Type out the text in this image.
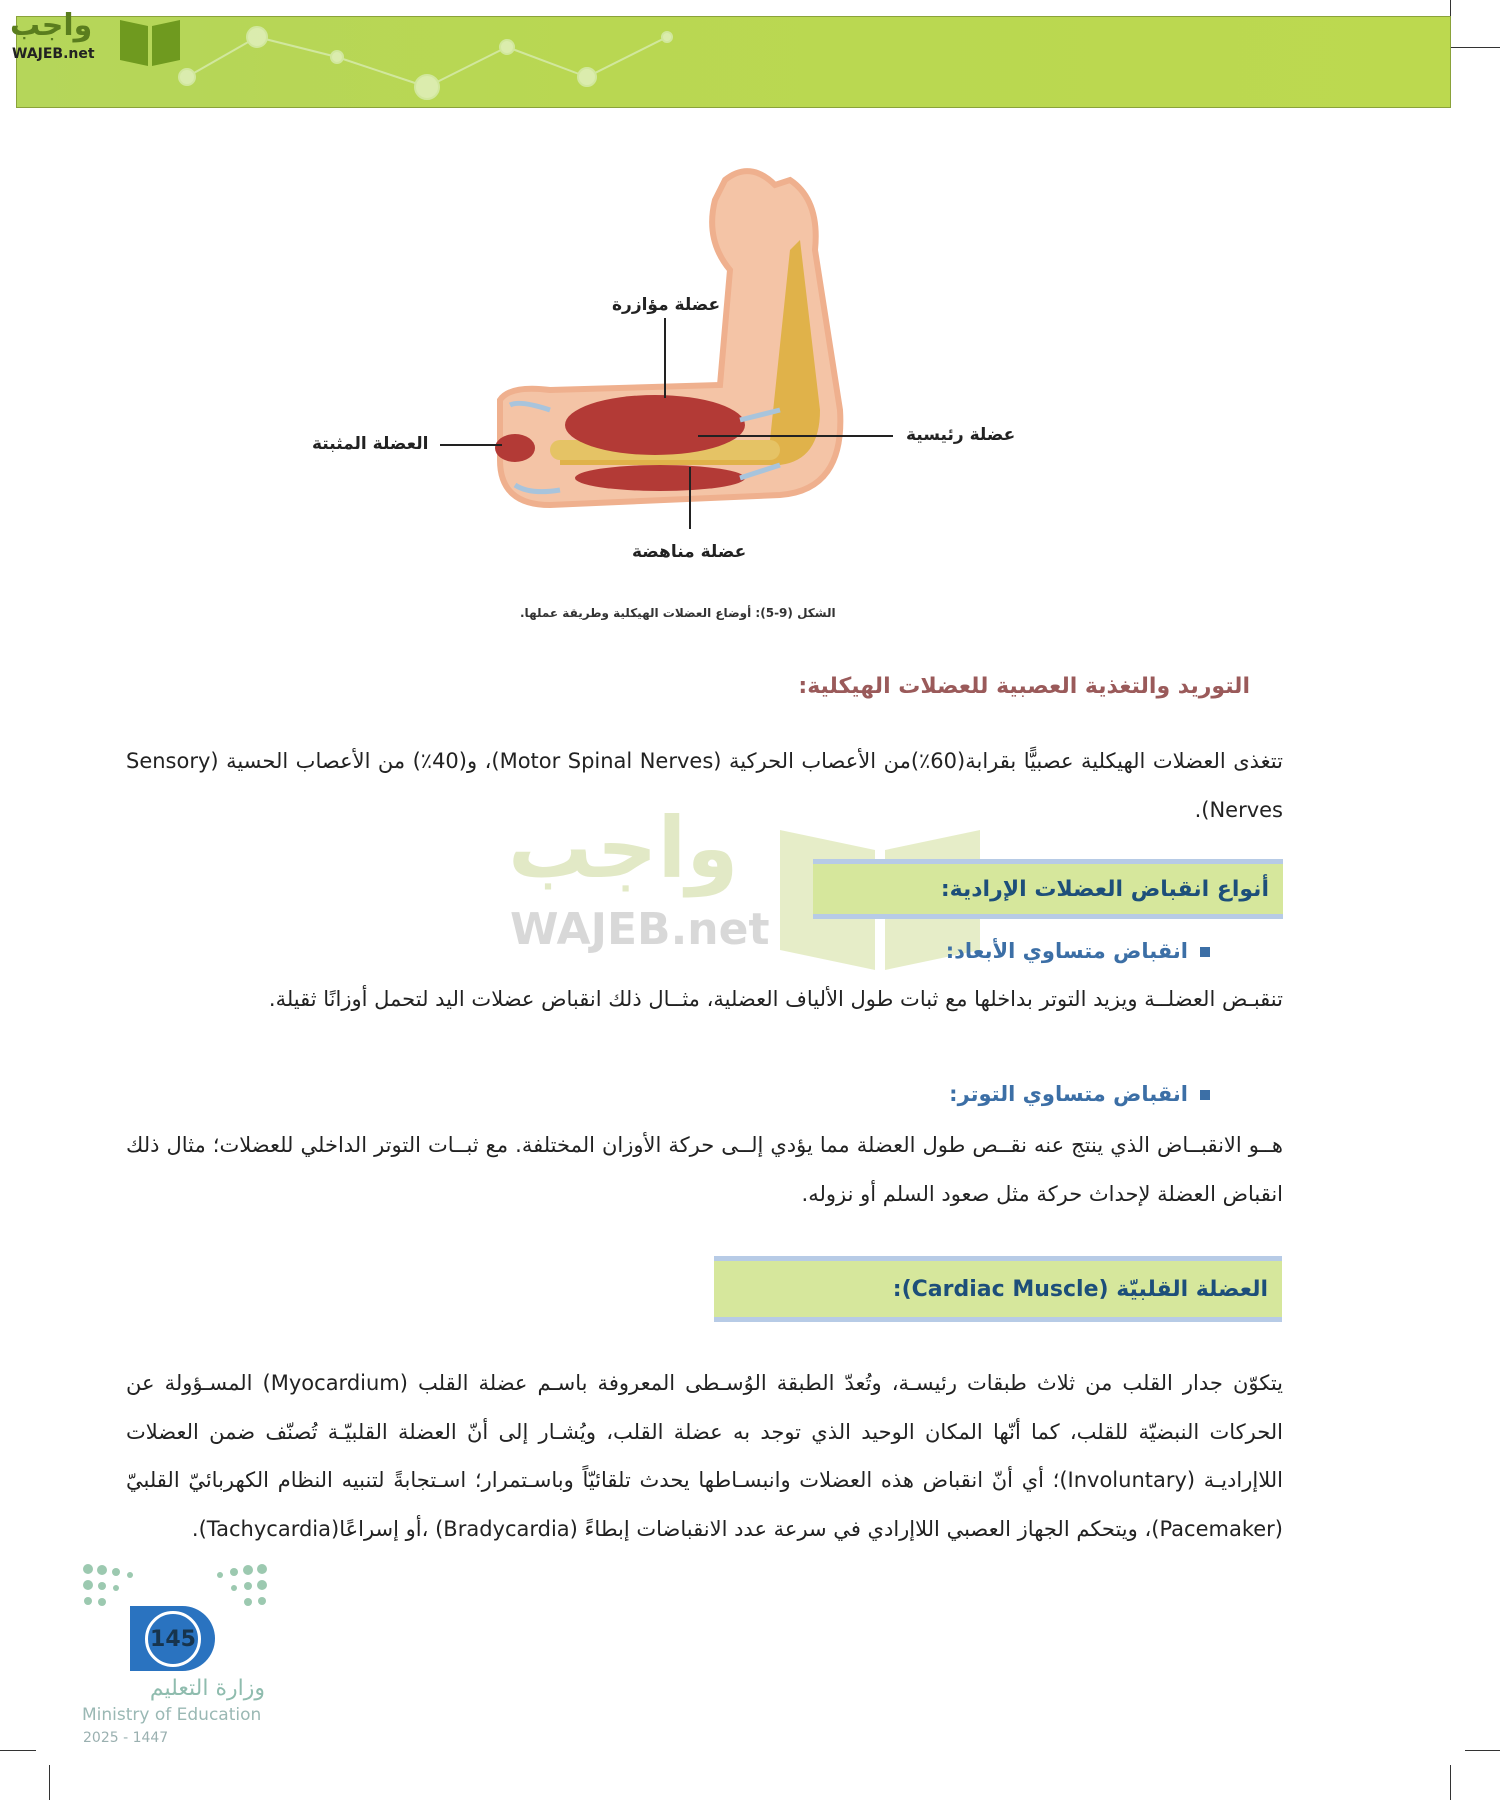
واجب
WAJEB.net
عضلة مؤازرة
عضلة رئيسية
العضلة المثبتة
عضلة مناهضة
الشكل (9-5): أوضاع العضلات الهيكلية وطريقة عملها.
واجب
WAJEB.net
التوريد والتغذية العصبية للعضلات الهيكلية:
تتغذى العضلات الهيكلية عصبيًّا بقرابة(60٪)من الأعصاب الحركية (Motor Spinal Nerves)، و(40٪) من الأعصاب الحسية (Sensory Nerves).
أنواع انقباض العضلات الإرادية:
انقباض متساوي الأبعاد:
تنقبـض العضلــة ويزيد التوتر بداخلها مع ثبات طول الألياف العضلية، مثــال ذلك انقباض عضلات اليد لتحمل أوزانًا ثقيلة.
انقباض متساوي التوتر:
هــو الانقبــاض الذي ينتج عنه نقــص طول العضلة مما يؤدي إلــى حركة الأوزان المختلفة. مع ثبــات التوتر الداخلي للعضلات؛ مثال ذلك انقباض العضلة لإحداث حركة مثل صعود السلم أو نزوله.
العضلة القلبيّة (Cardiac Muscle):
يتكوّن جدار القلب من ثلاث طبقات رئيسـة، وتُعدّ الطبقة الوُسـطى المعروفة باسـم عضلة القلب (Myocardium) المسـؤولة عن الحركات النبضيّة للقلب، كما أنّها المكان الوحيد الذي توجد به عضلة القلب، ويُشـار إلى أنّ العضلة القلبيّـة تُصنّف ضمن العضلات اللاإراديـة (Involuntary)؛ أي أنّ انقباض هذه العضلات وانبسـاطها يحدث تلقائيّاً وباسـتمرار؛ اسـتجابةً لتنبيه النظام الكهربائيّ القلبيّ (Pacemaker)، ويتحكم الجهاز العصبي اللاإرادي في سرعة عدد الانقباضات إبطاءً (Bradycardia) ،أو إسراعًا(Tachycardia).
145
وزارة التعليم
Ministry of Education
2025 - 1447
